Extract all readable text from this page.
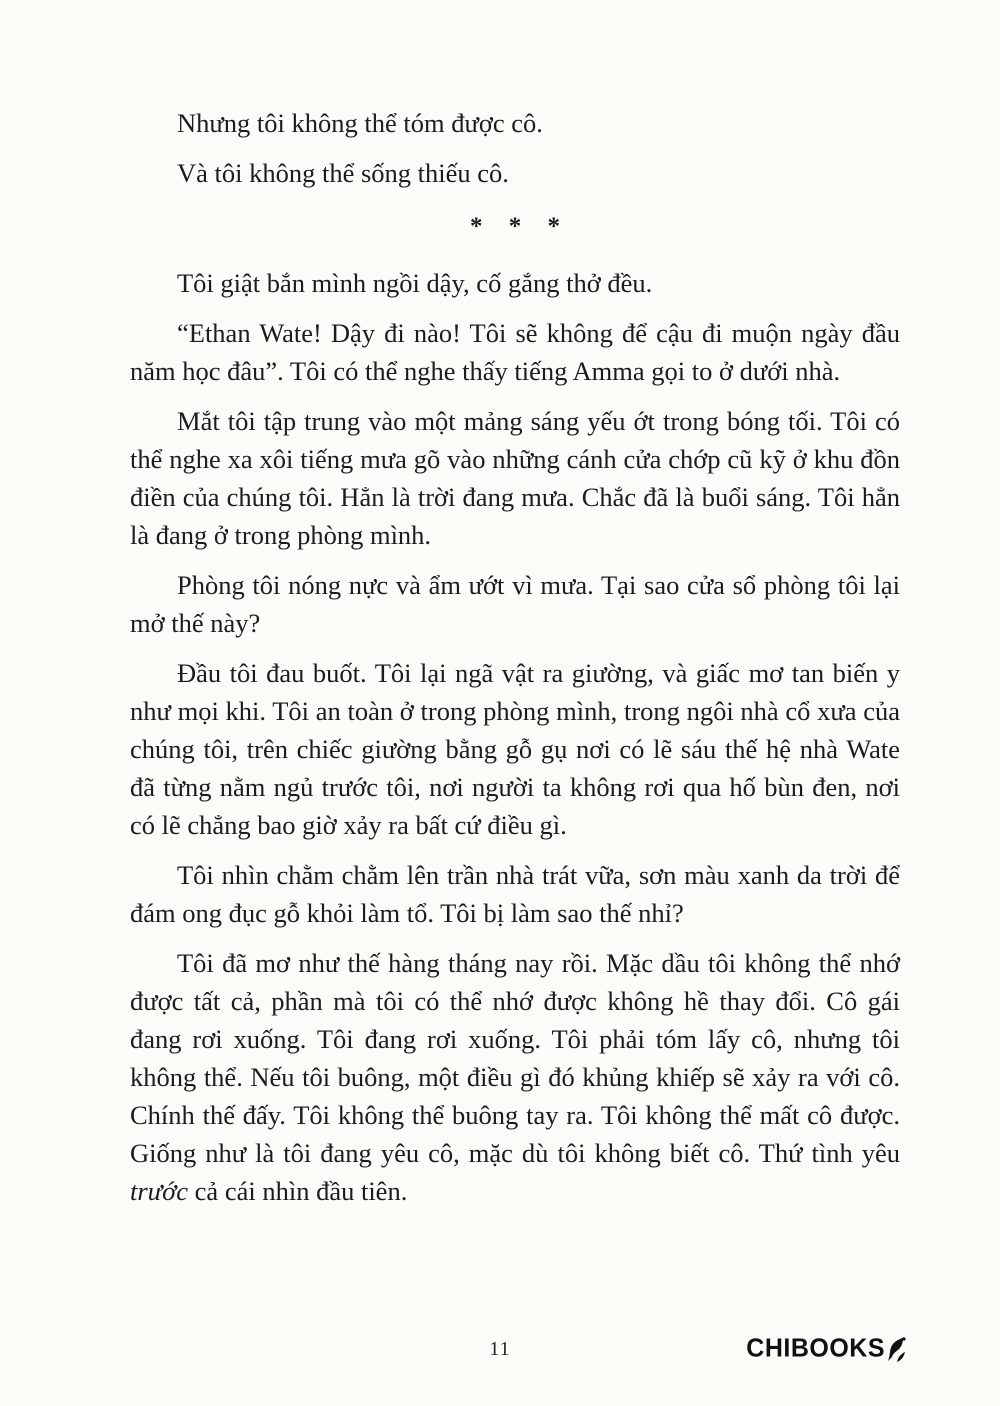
Nhưng tôi không thể tóm được cô.

Và tôi không thể sống thiếu cô.

* * *

Tôi giật bắn mình ngồi dậy, cố gắng thở đều.

“Ethan Wate! Dậy đi nào! Tôi sẽ không để cậu đi muộn ngày đầu năm học đâu”. Tôi có thể nghe thấy tiếng Amma gọi to ở dưới nhà.

Mắt tôi tập trung vào một mảng sáng yếu ớt trong bóng tối. Tôi có thể nghe xa xôi tiếng mưa gõ vào những cánh cửa chớp cũ kỹ ở khu đồn điền của chúng tôi. Hẳn là trời đang mưa. Chắc đã là buổi sáng. Tôi hẳn là đang ở trong phòng mình.

Phòng tôi nóng nực và ẩm ướt vì mưa. Tại sao cửa sổ phòng tôi lại mở thế này?

Đầu tôi đau buốt. Tôi lại ngã vật ra giường, và giấc mơ tan biến y như mọi khi. Tôi an toàn ở trong phòng mình, trong ngôi nhà cổ xưa của chúng tôi, trên chiếc giường bằng gỗ gụ nơi có lẽ sáu thế hệ nhà Wate đã từng nằm ngủ trước tôi, nơi người ta không rơi qua hố bùn đen, nơi có lẽ chẳng bao giờ xảy ra bất cứ điều gì.

Tôi nhìn chằm chằm lên trần nhà trát vữa, sơn màu xanh da trời để đám ong đục gỗ khỏi làm tổ. Tôi bị làm sao thế nhỉ?

Tôi đã mơ như thế hàng tháng nay rồi. Mặc dầu tôi không thể nhớ được tất cả, phần mà tôi có thể nhớ được không hề thay đổi. Cô gái đang rơi xuống. Tôi đang rơi xuống. Tôi phải tóm lấy cô, nhưng tôi không thể. Nếu tôi buông, một điều gì đó khủng khiếp sẽ xảy ra với cô. Chính thế đấy. Tôi không thể buông tay ra. Tôi không thể mất cô được. Giống như là tôi đang yêu cô, mặc dù tôi không biết cô. Thứ tình yêu trước cả cái nhìn đầu tiên.

11	CHIBOOKS
